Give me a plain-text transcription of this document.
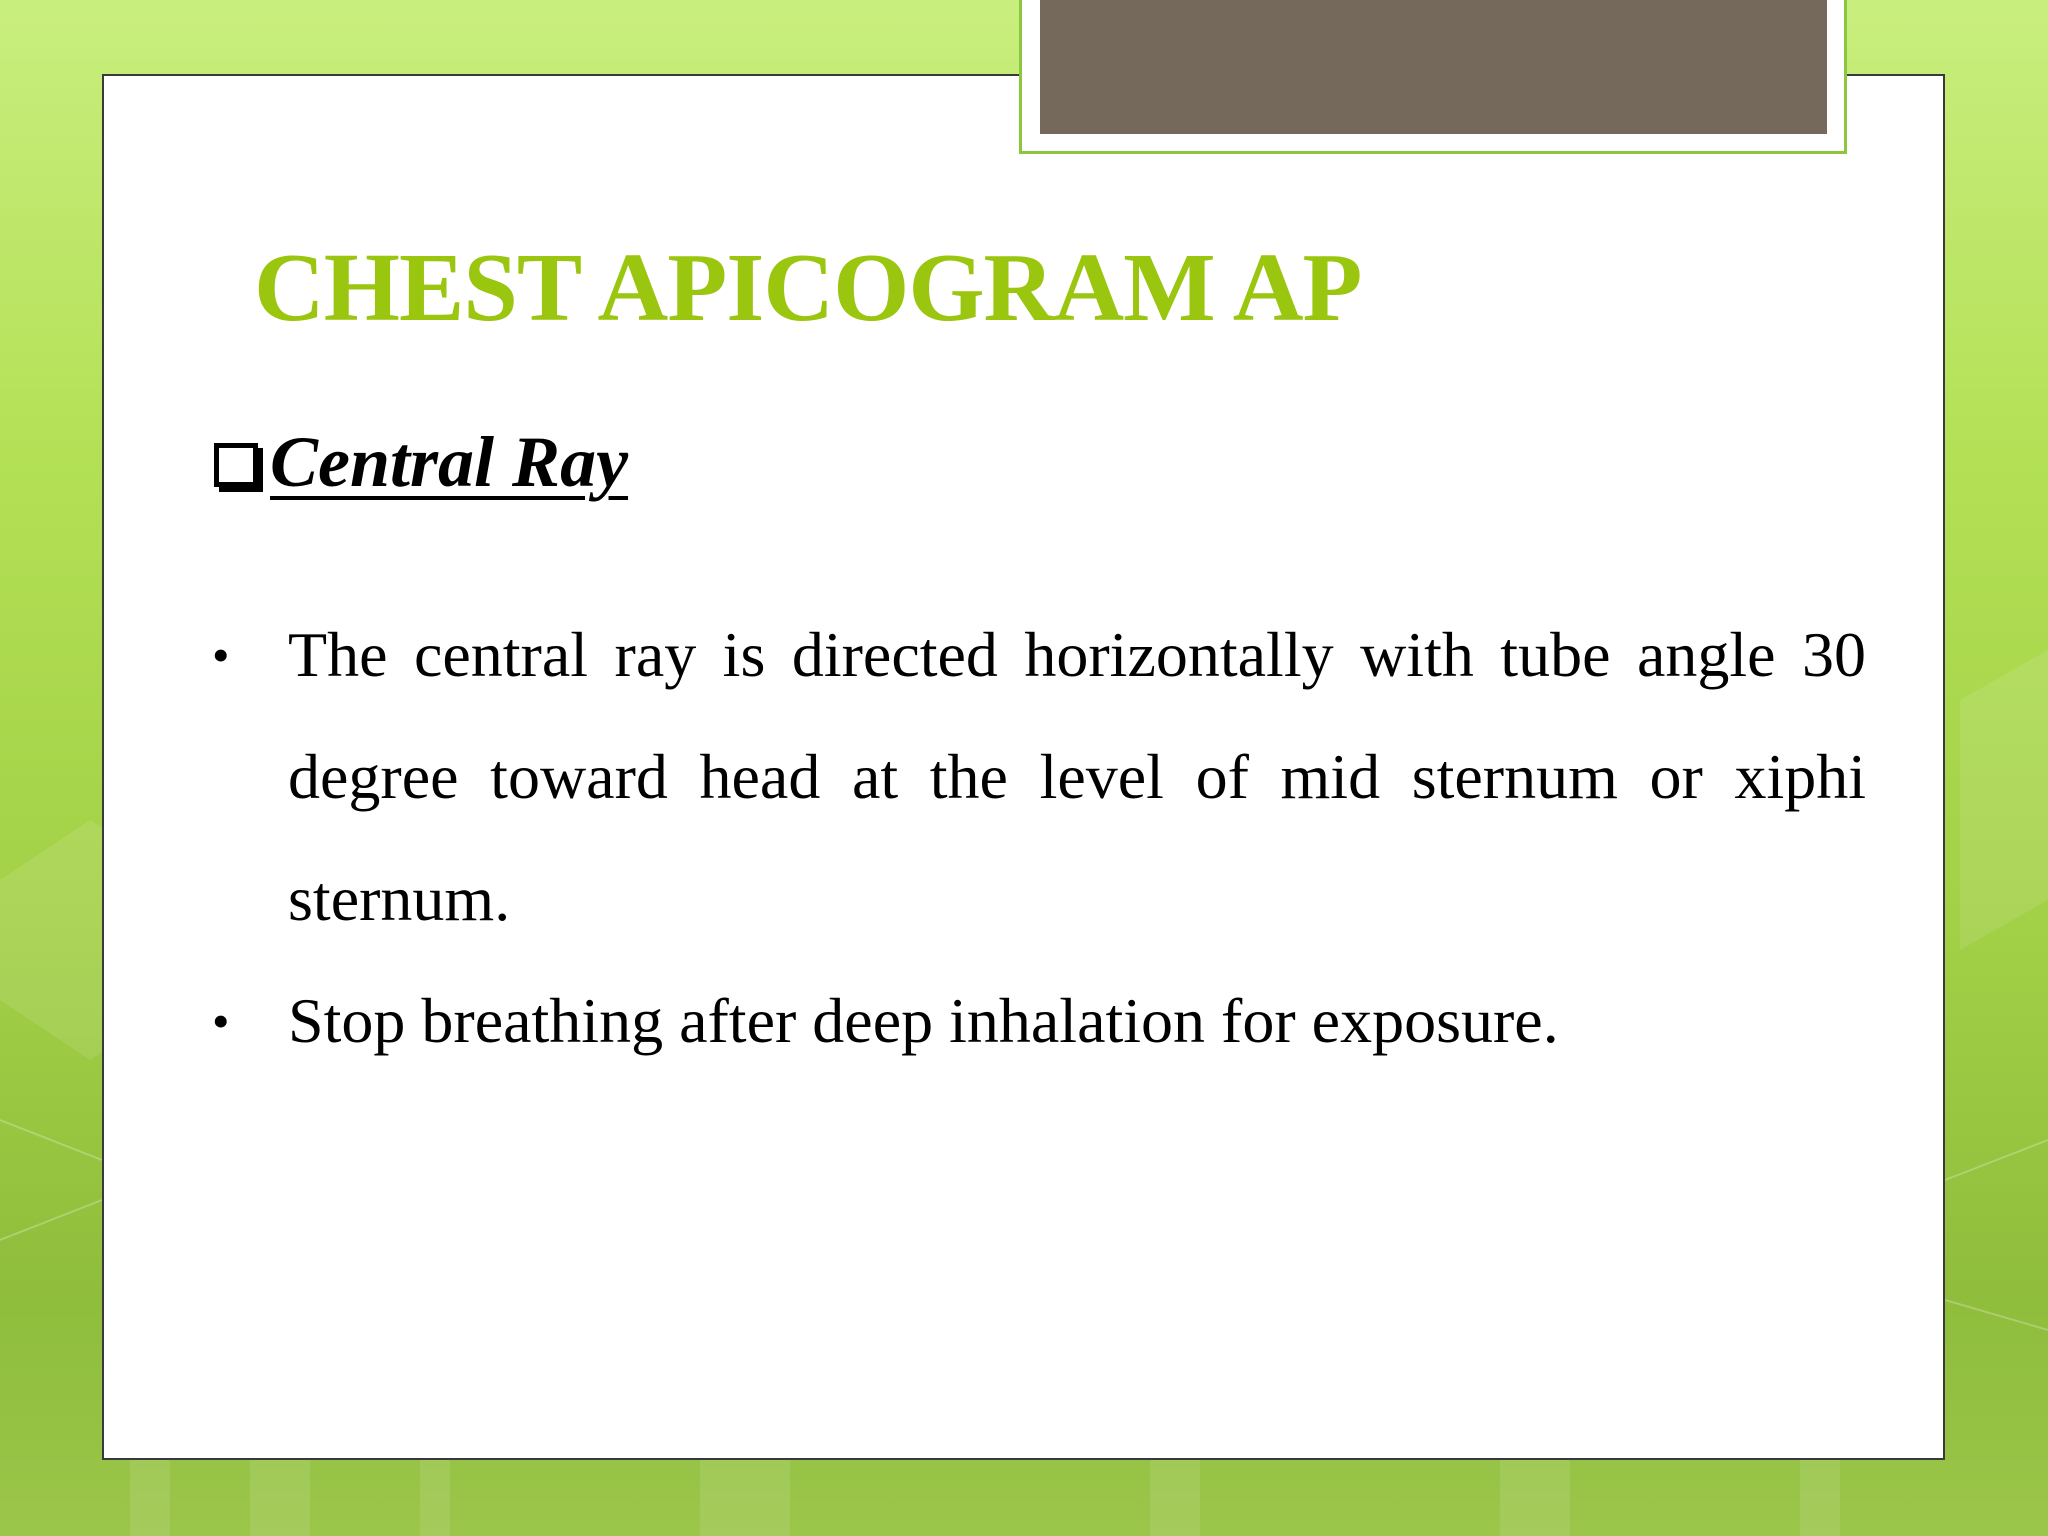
CHEST APICOGRAM AP
Central Ray
• The central ray is directed horizontally with tube angle 30 degree toward head at the level of mid sternum or xiphi sternum.
• Stop breathing after deep inhalation for exposure.
